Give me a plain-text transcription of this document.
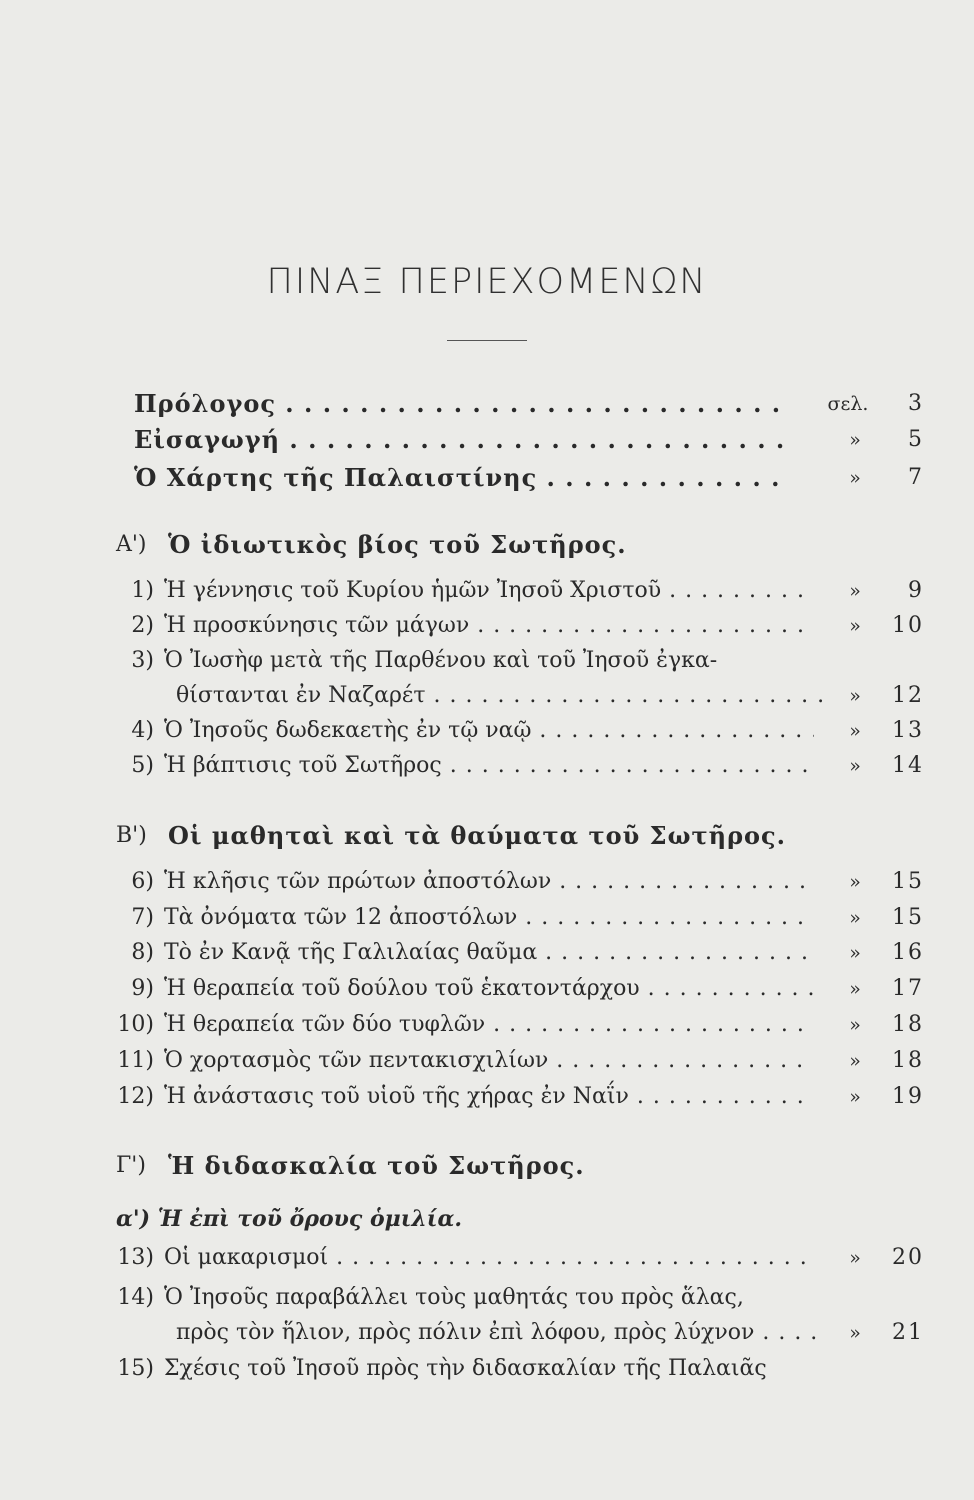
ΠΙΝΑΞ ΠΕΡΙΕΧΟΜΕΝΩΝ
Πρόλογος . . .	σελ.	3
Εἰσαγωγή . . .	»	5
Ὁ Χάρτης τῆς Παλαιστίνης . . .	»	7
Α') Ὁ ἰδιωτικὸς βίος τοῦ Σωτῆρος.
1) Ἡ γέννησις τοῦ Κυρίου ἡμῶν Ἰησοῦ Χριστοῦ . . .	»	9
2) Ἡ προσκύνησις τῶν μάγων . . .	»	10
3) Ὁ Ἰωσὴφ μετὰ τῆς Παρθένου καὶ τοῦ Ἰησοῦ ἐγκα-
θίστανται ἐν Ναζαρέτ . . .	»	12
4) Ὁ Ἰησοῦς δωδεκαετὴς ἐν τῷ ναῷ . . .	»	13
5) Ἡ βάπτισις τοῦ Σωτῆρος . . .	»	14
Β') Οἱ μαθηταὶ καὶ τὰ θαύματα τοῦ Σωτῆρος.
6) Ἡ κλῆσις τῶν πρώτων ἀποστόλων . . .	»	15
7) Τὰ ὀνόματα τῶν 12 ἀποστόλων . . .	»	15
8) Τὸ ἐν Κανᾷ τῆς Γαλιλαίας θαῦμα . . .	»	16
9) Ἡ θεραπεία τοῦ δούλου τοῦ ἑκατοντάρχου . . .	»	17
10) Ἡ θεραπεία τῶν δύο τυφλῶν . . .	»	18
11) Ὁ χορτασμὸς τῶν πεντακισχιλίων . . .	»	18
12) Ἡ ἀνάστασις τοῦ υἱοῦ τῆς χήρας ἐν Ναΐν . . .	»	19
Γ') Ἡ διδασκαλία τοῦ Σωτῆρος.
α') Ἡ ἐπὶ τοῦ ὄρους ὁμιλία.
13) Οἱ μακαρισμοί . . .	»	20
14) Ὁ Ἰησοῦς παραβάλλει τοὺς μαθητάς του πρὸς ἅλας,
πρὸς τὸν ἥλιον, πρὸς πόλιν ἐπὶ λόφου, πρὸς λύχνον . . .	»	21
15) Σχέσις τοῦ Ἰησοῦ πρὸς τὴν διδασκαλίαν τῆς Παλαιᾶς
